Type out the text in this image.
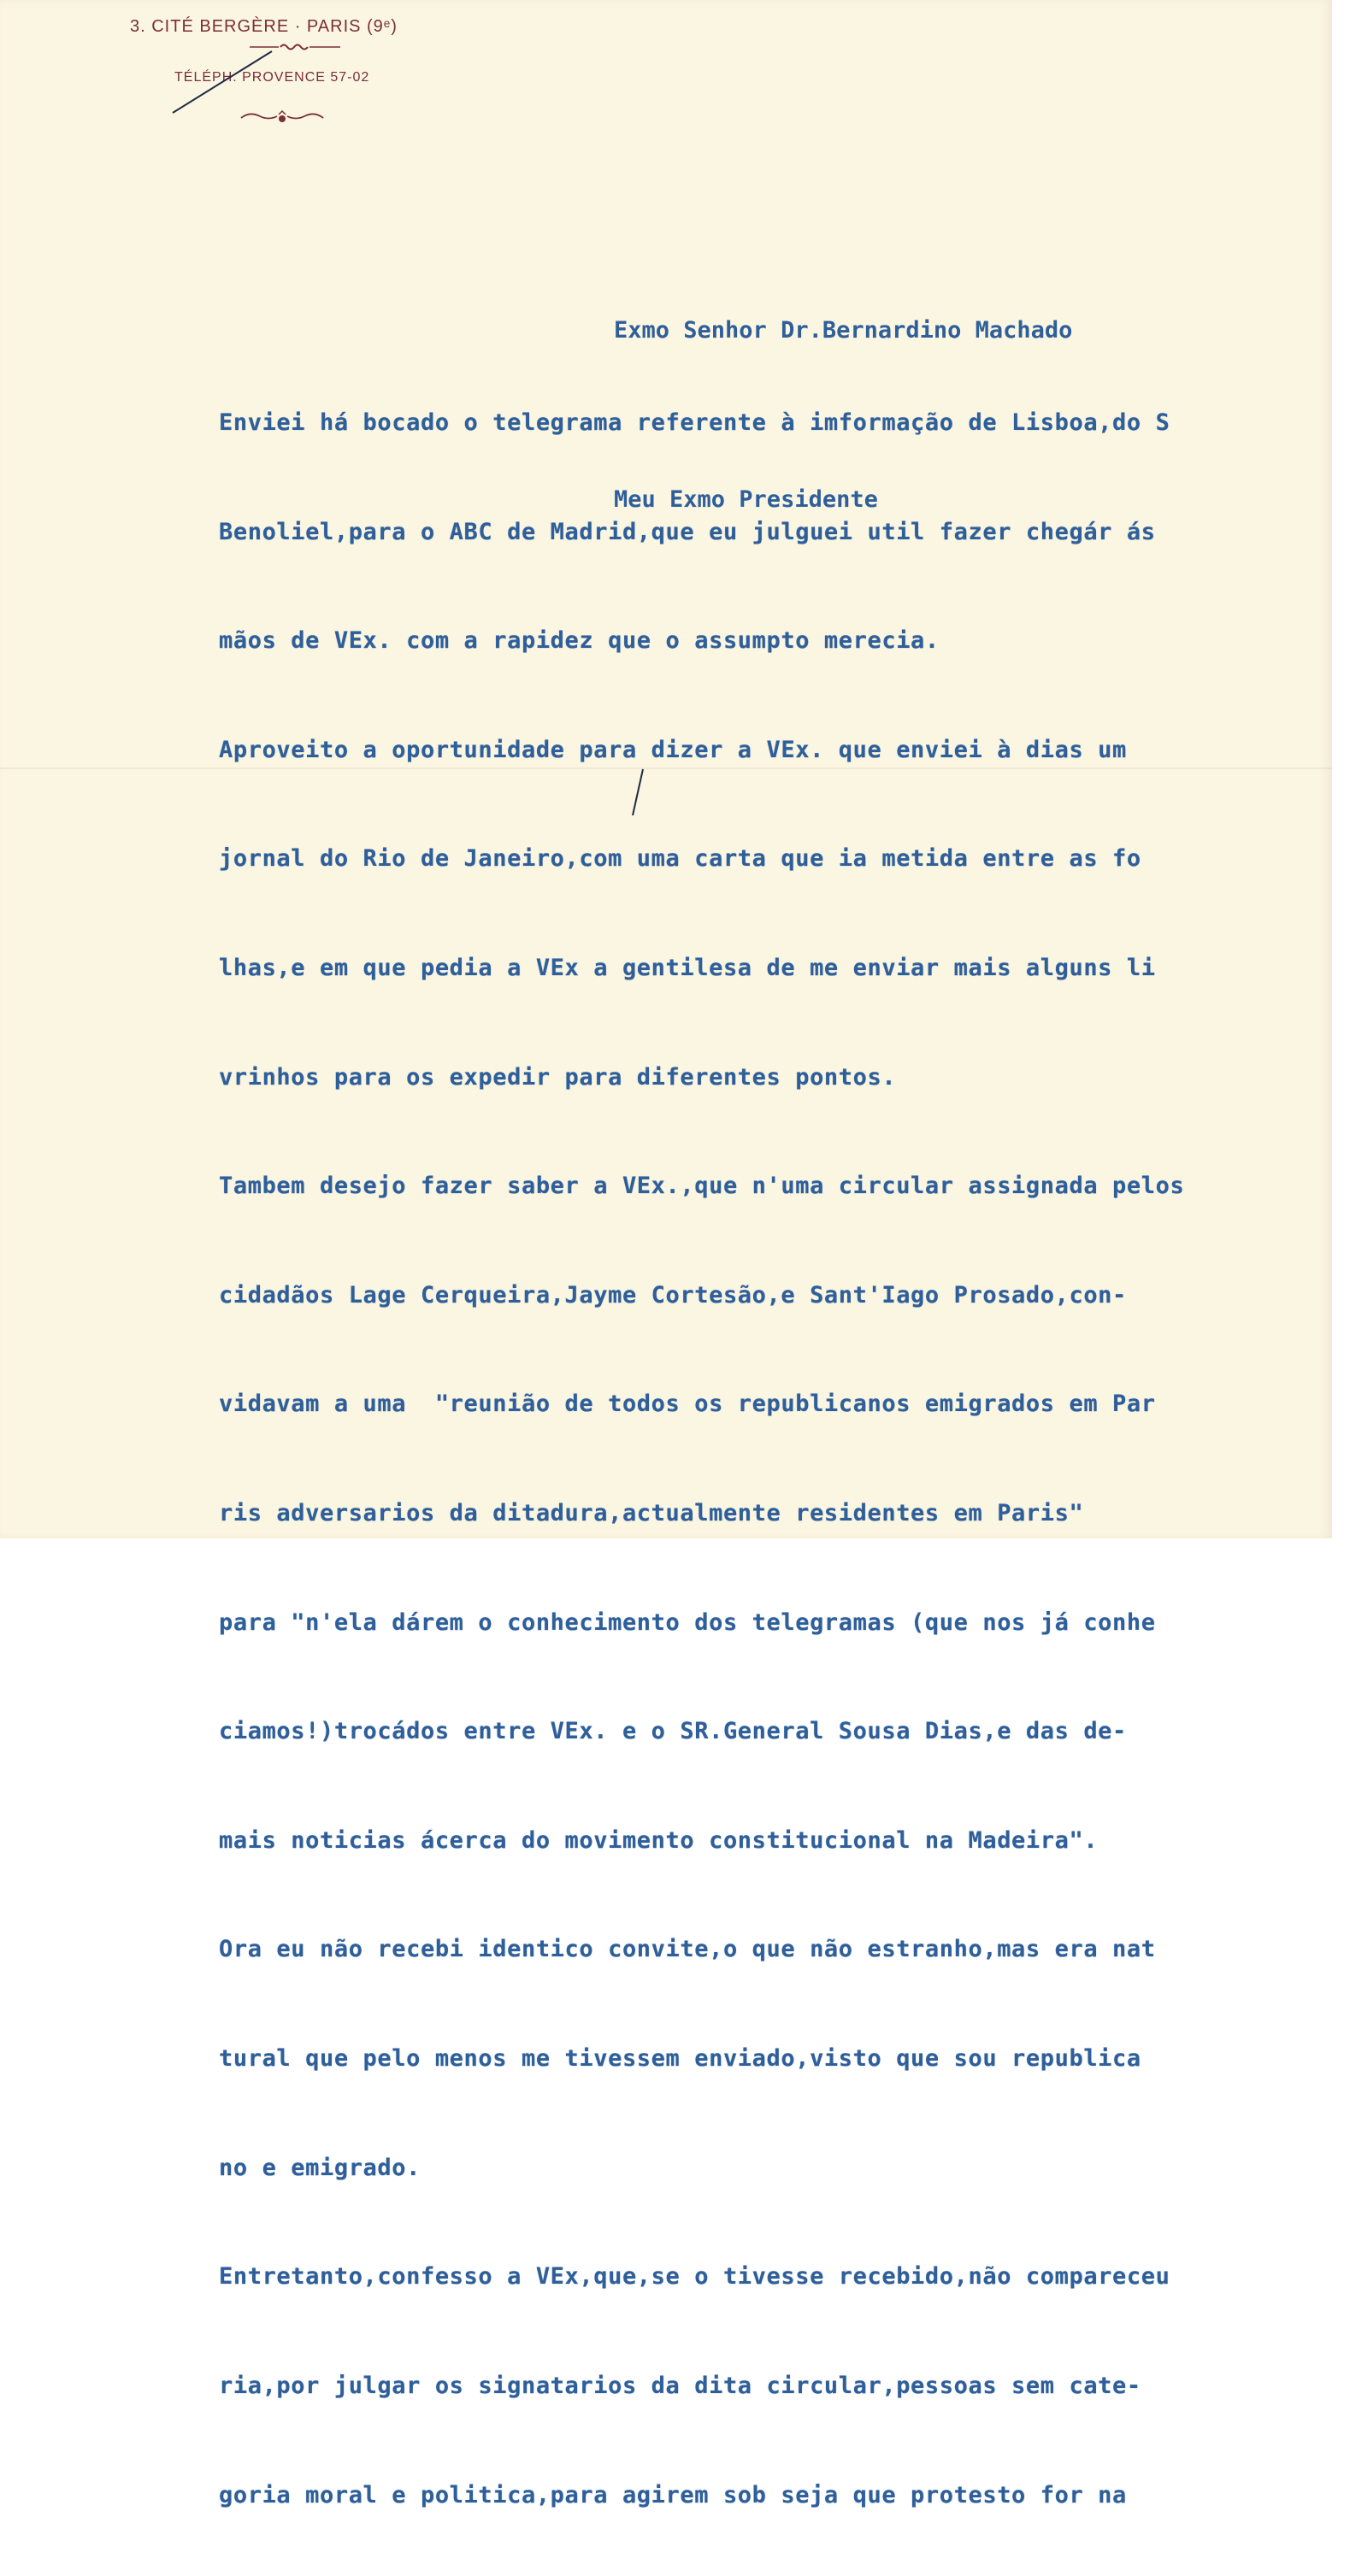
3. CITÉ BERGÈRE · PARIS (9ᵉ)
TÉLÉPH. PROVENCE 57-02

Exmo Senhor Dr.Bernardino Machado

Meu Exmo Presidente

Enviei há bocado o telegrama referente à imformação de Lisboa,do S

Benoliel,para o ABC de Madrid,que eu julguei util fazer chegár ás

mãos de VEx. com a rapidez que o assumpto merecia.

Aproveito a oportunidade para dizer a VEx. que enviei à dias um

jornal do Rio de Janeiro,com uma carta que ia metida entre as fo

lhas,e em que pedia a VEx a gentilesa de me enviar mais alguns li

vrinhos para os expedir para diferentes pontos.

Tambem desejo fazer saber a VEx.,que n'uma circular assignada pelos

cidadãos Lage Cerqueira,Jayme Cortesão,e Sant'Iago Prosado,con-

vidavam a uma  "reunião de todos os republicanos emigrados em Par

ris adversarios da ditadura,actualmente residentes em Paris"

para "n'ela dárem o conhecimento dos telegramas (que nos já conhe

ciamos!)trocádos entre VEx. e o SR.General Sousa Dias,e das de-

mais noticias ácerca do movimento constitucional na Madeira".

Ora eu não recebi identico convite,o que não estranho,mas era nat

tural que pelo menos me tivessem enviado,visto que sou republica

no e emigrado.

Entretanto,confesso a VEx,que,se o tivesse recebido,não compareceu

ria,por julgar os signatarios da dita circular,pessoas sem cate-

goria moral e politica,para agirem sob seja que protesto for na
